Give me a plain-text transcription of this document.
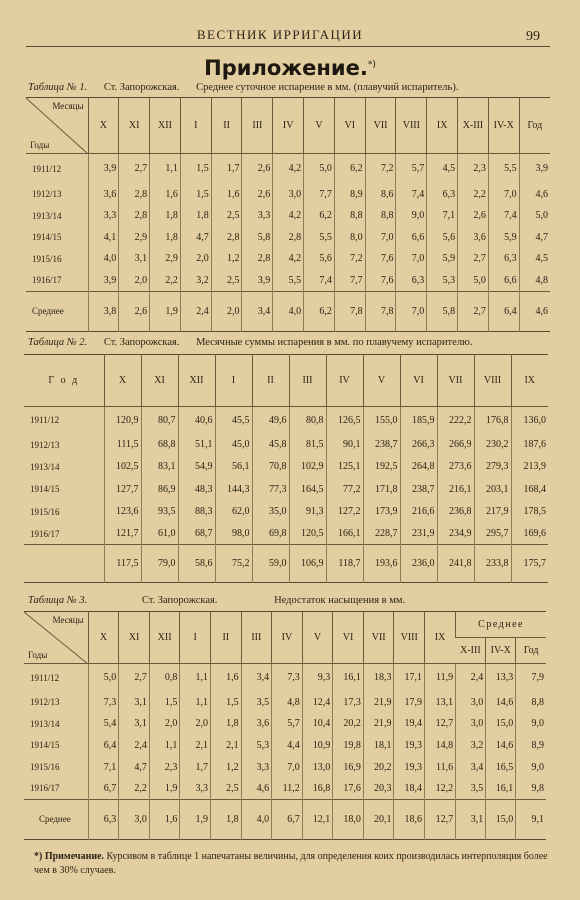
ВЕСТНИК ИРРИГАЦИИ	99
Приложение.*)
Таблица № 1. Ст. Запорожская. Среднее суточное испарение в мм. (плавучий испаритель).
Месяцы
Годы	X	XI	XII	I	II	III	IV	V	VI	VII	VIII	IX	X-III	IV-X	Год
1911/12	3,9	2,7	1,1	1,5	1,7	2,6	4,2	5,0	6,2	7,2	5,7	4,5	2,3	5,5	3,9
1912/13	3,6	2,8	1,6	1,5	1,6	2,6	3,0	7,7	8,9	8,6	7,4	6,3	2,2	7,0	4,6
1913/14	3,3	2,8	1,8	1,8	2,5	3,3	4,2	6,2	8,8	8,8	9,0	7,1	2,6	7,4	5,0
1914/15	4,1	2,9	1,8	4,7	2,8	5,8	2,8	5,5	8,0	7,0	6,6	5,6	3,6	5,9	4,7
1915/16	4,0	3,1	2,9	2,0	1,2	2,8	4,2	5,6	7,2	7,6	7,0	5,9	2,7	6,3	4,5
1916/17	3,9	2,0	2,2	3,2	2,5	3,9	5,5	7,4	7,7	7,6	6,3	5,3	5,0	6,6	4,8
Среднее	3,8	2,6	1,9	2,4	2,0	3,4	4,0	6,2	7,8	7,8	7,0	5,8	2,7	6,4	4,6
Таблица № 2. Ст. Запорожская. Месячные суммы испарения в мм. по плавучему испарителю.
Г о д	X	XI	XII	I	II	III	IV	V	VI	VII	VIII	IX
1911/12	120,9	80,7	40,6	45,5	49,6	80,8	126,5	155,0	185,9	222,2	176,8	136,0
1912/13	111,5	68,8	51,1	45,0	45,8	81,5	90,1	238,7	266,3	266,9	230,2	187,6
1913/14	102,5	83,1	54,9	56,1	70,8	102,9	125,1	192,5	264,8	273,6	279,3	213,9
1914/15	127,7	86,9	48,3	144,3	77,3	164,5	77,2	171,8	238,7	216,1	203,1	168,4
1915/16	123,6	93,5	88,3	62,0	35,0	91,3	127,2	173,9	216,6	236,8	217,9	178,5
1916/17	121,7	61,0	68,7	98,0	69,8	120,5	166,1	228,7	231,9	234,9	295,7	169,6
	117,5	79,0	58,6	75,2	59,0	106,9	118,7	193,6	236,0	241,8	233,8	175,7
Таблица № 3.	Ст. Запорожская.	Недостаток насыщения в мм.
Месяцы
Годы	X	XI	XII	I	II	III	IV	V	VI	VII	VIII	IX	Среднее		
													X-III	IV-X	Год
1911/12	5,0	2,7	0,8	1,1	1,6	3,4	7,3	9,3	16,1	18,3	17,1	11,9	2,4	13,3	7,9
1912/13	7,3	3,1	1,5	1,1	1,5	3,5	4,8	12,4	17,3	21,9	17,9	13,1	3,0	14,6	8,8
1913/14	5,4	3,1	2,0	2,0	1,8	3,6	5,7	10,4	20,2	21,9	19,4	12,7	3,0	15,0	9,0
1914/15	6,4	2,4	1,1	2,1	2,1	5,3	4,4	10,9	19,8	18,1	19,3	14,8	3,2	14,6	8,9
1915/16	7,1	4,7	2,3	1,7	1,2	3,3	7,0	13,0	16,9	20,2	19,3	11,6	3,4	16,5	9,0
1916/17	6,7	2,2	1,9	3,3	2,5	4,6	11,2	16,8	17,6	20,3	18,4	12,2	3,5	16,1	9,8
Среднее	6,3	3,0	1,6	1,9	1,8	4,0	6,7	12,1	18,0	20,1	18,6	12,7	3,1	15,0	9,1
*) Примечание. Курсивом в таблице 1 напечатаны величины, для определения коих производилась интерполяция более чем в 30% случаев.
